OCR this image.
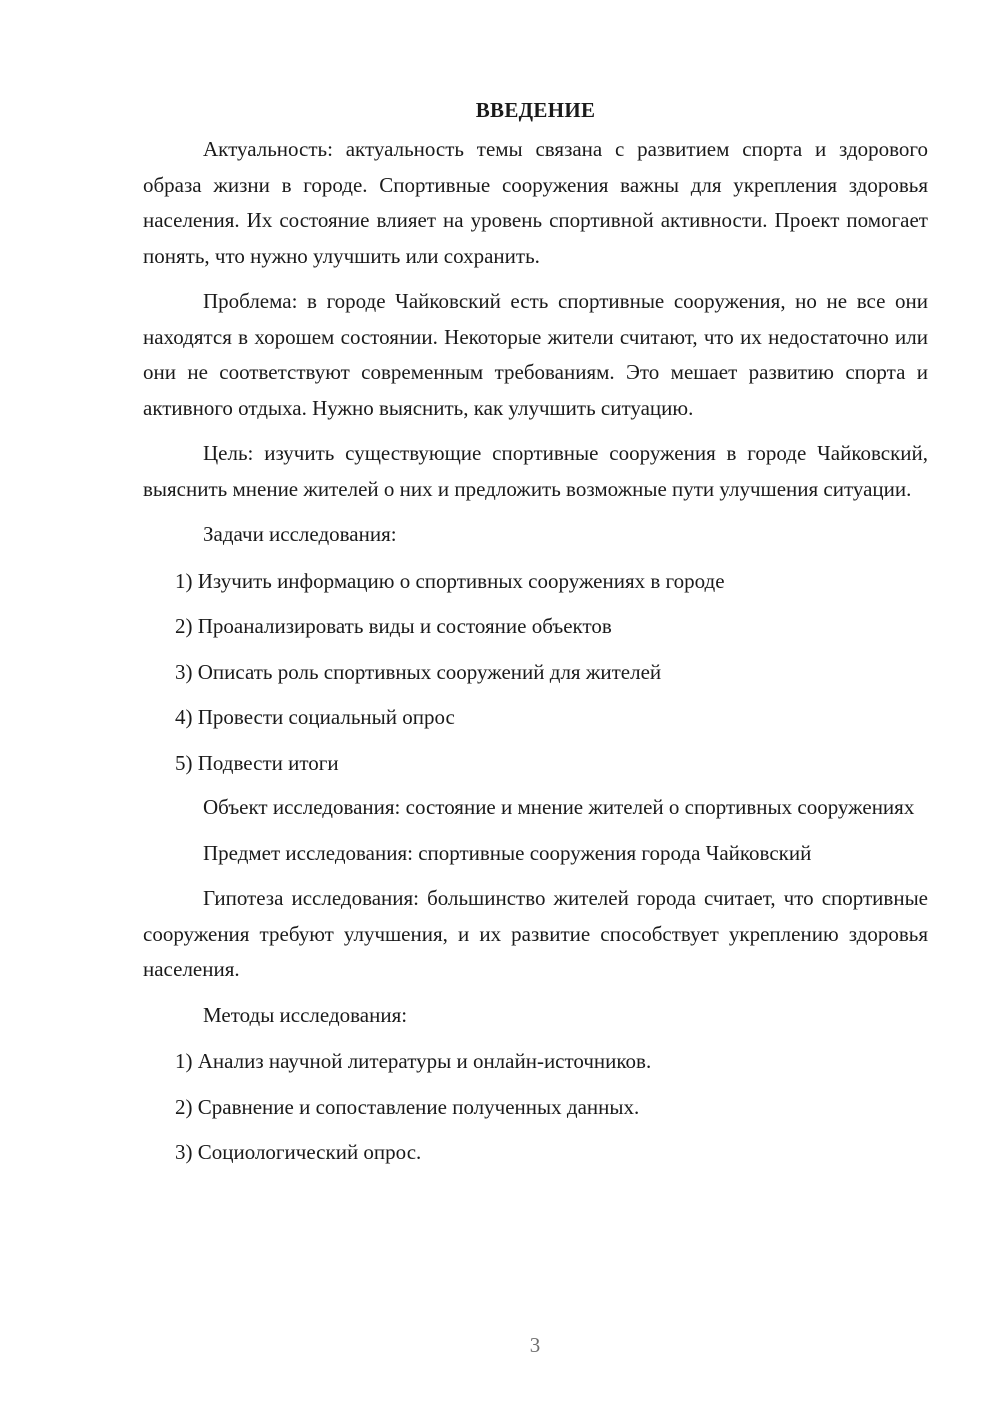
ВВЕДЕНИЕ

Актуальность: актуальность темы связана с развитием спорта и здорового образа жизни в городе. Спортивные сооружения важны для укрепления здоровья населения. Их состояние влияет на уровень спортивной активности. Проект помогает понять, что нужно улучшить или сохранить.

Проблема: в городе Чайковский есть спортивные сооружения, но не все они находятся в хорошем состоянии. Некоторые жители считают, что их недостаточно или они не соответствуют современным требованиям. Это мешает развитию спорта и активного отдыха. Нужно выяснить, как улучшить ситуацию.

Цель: изучить существующие спортивные сооружения в городе Чайковский, выяснить мнение жителей о них и предложить возможные пути улучшения ситуации.

Задачи исследования:

1) Изучить информацию о спортивных сооружениях в городе
2) Проанализировать виды и состояние объектов
3) Описать роль спортивных сооружений для жителей
4) Провести социальный опрос
5) Подвести итоги

Объект исследования: состояние и мнение жителей о спортивных сооружениях

Предмет исследования: спортивные сооружения города Чайковский

Гипотеза исследования: большинство жителей города считает, что спортивные сооружения требуют улучшения, и их развитие способствует укреплению здоровья населения.

Методы исследования:

1) Анализ научной литературы и онлайн-источников.
2) Сравнение и сопоставление полученных данных.
3) Социологический опрос.
3
